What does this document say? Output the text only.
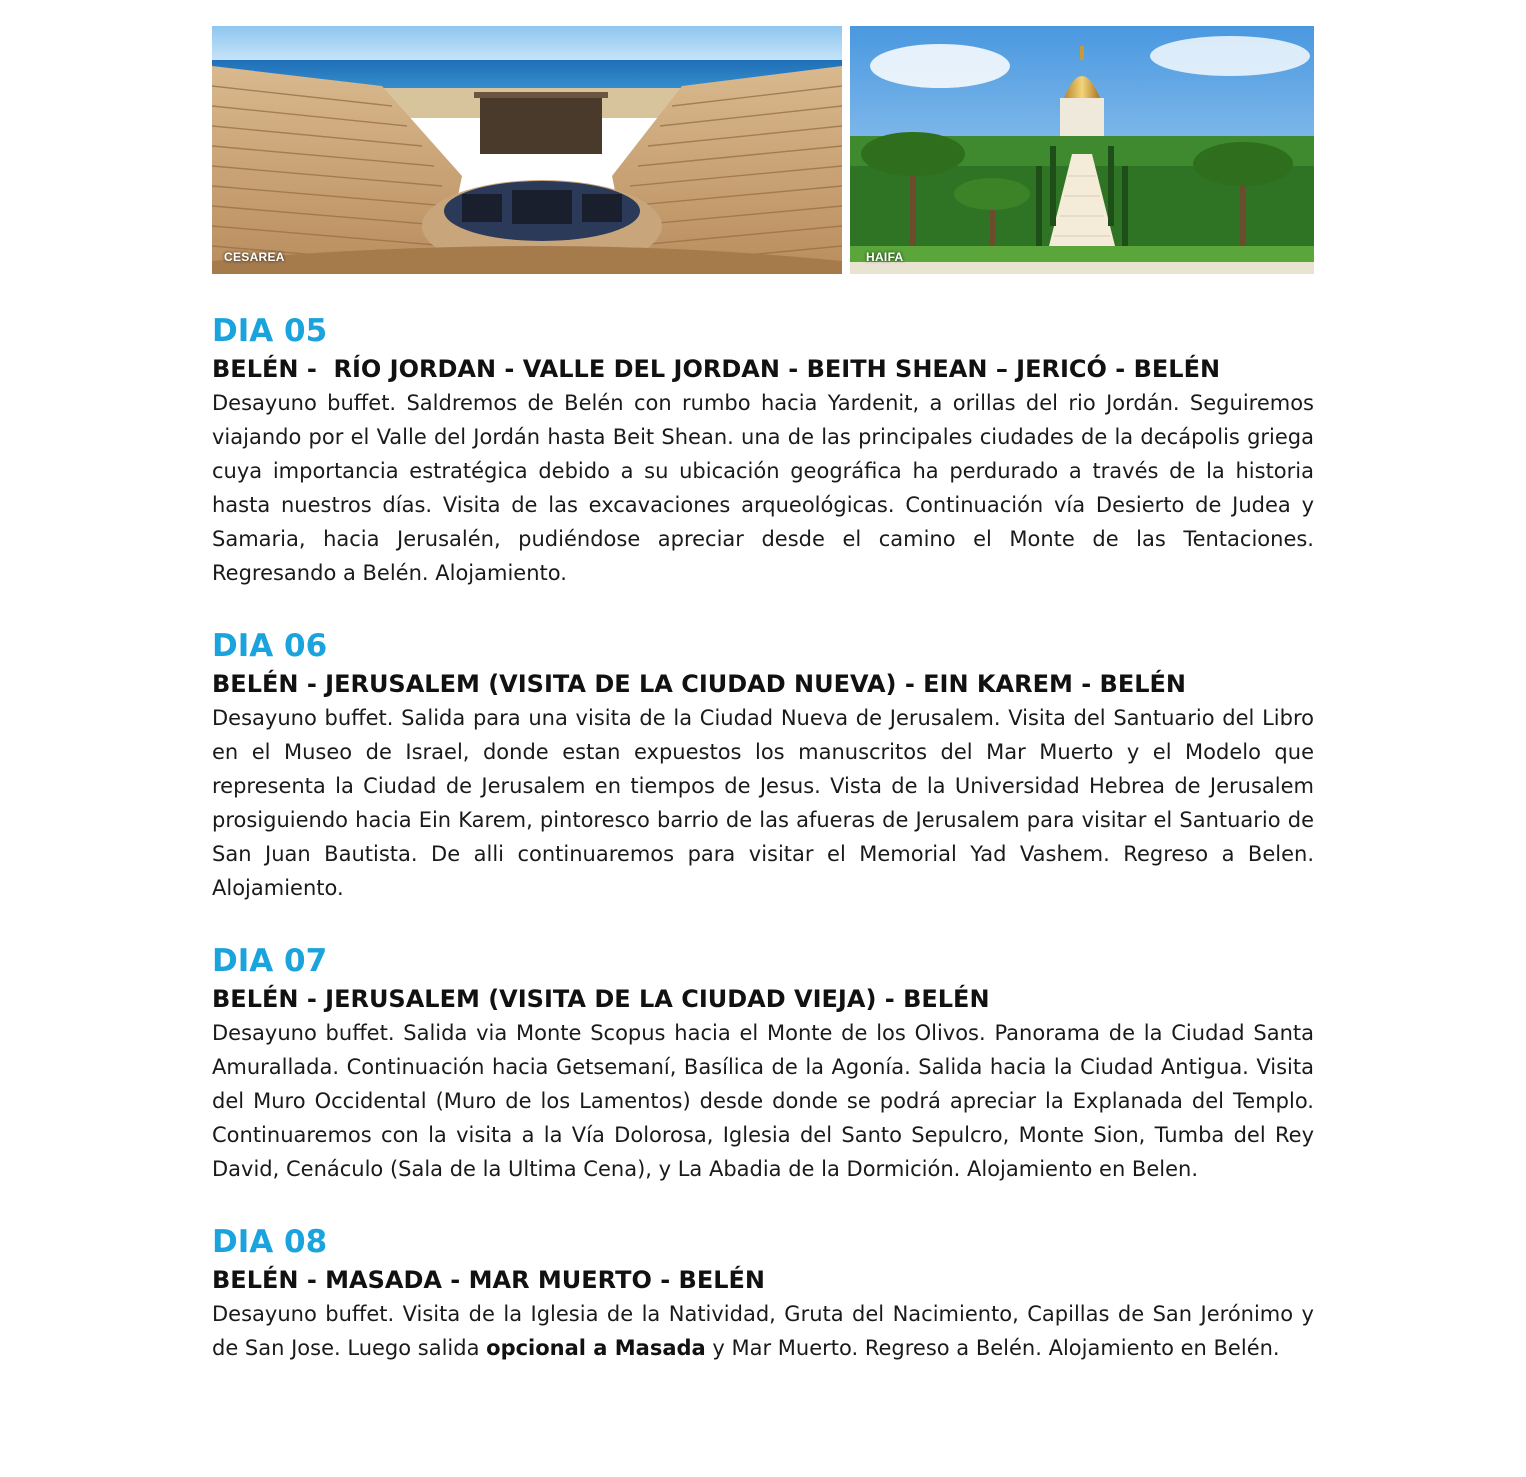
CESAREA	HAIFA
DIA 05
BELÉN -  RÍO JORDAN - VALLE DEL JORDAN - BEITH SHEAN – JERICÓ - BELÉN

Desayuno buffet. Saldremos de Belén con rumbo hacia Yardenit, a orillas del rio Jordán. Seguiremos viajando por el Valle del Jordán hasta Beit Shean. una de las principales ciudades de la decápolis griega cuya importancia estratégica debido a su ubicación geográfica ha perdurado a través de la historia hasta nuestros días. Visita de las excavaciones arqueológicas. Continuación vía Desierto de Judea y Samaria, hacia Jerusalén, pudiéndose apreciar desde el camino el Monte de las Tentaciones. Regresando a Belén. Alojamiento.

DIA 06
BELÉN - JERUSALEM (VISITA DE LA CIUDAD NUEVA) - EIN KAREM - BELÉN

Desayuno buffet. Salida para una visita de la Ciudad Nueva de Jerusalem. Visita del Santuario del Libro en el Museo de Israel, donde estan expuestos los manuscritos del Mar Muerto y el Modelo que representa la Ciudad de Jerusalem en tiempos de Jesus. Vista de la Universidad Hebrea de Jerusalem prosiguiendo hacia Ein Karem, pintoresco barrio de las afueras de Jerusalem para visitar el Santuario de San Juan Bautista. De alli continuaremos para visitar el Memorial Yad Vashem. Regreso a Belen. Alojamiento.

DIA 07
BELÉN - JERUSALEM (VISITA DE LA CIUDAD VIEJA) - BELÉN

Desayuno buffet. Salida via Monte Scopus hacia el Monte de los Olivos. Panorama de la Ciudad Santa Amurallada. Continuación hacia Getsemaní, Basílica de la Agonía. Salida hacia la Ciudad Antigua. Visita del Muro Occidental (Muro de los Lamentos) desde donde se podrá apreciar la Explanada del Templo. Continuaremos con la visita a la Vía Dolorosa, Iglesia del Santo Sepulcro, Monte Sion, Tumba del Rey David, Cenáculo (Sala de la Ultima Cena), y La Abadia de la Dormición. Alojamiento en Belen.

DIA 08
BELÉN - MASADA - MAR MUERTO - BELÉN

Desayuno buffet. Visita de la Iglesia de la Natividad, Gruta del Nacimiento, Capillas de San Jerónimo y de San Jose. Luego salida opcional a Masada y Mar Muerto. Regreso a Belén. Alojamiento en Belén.
